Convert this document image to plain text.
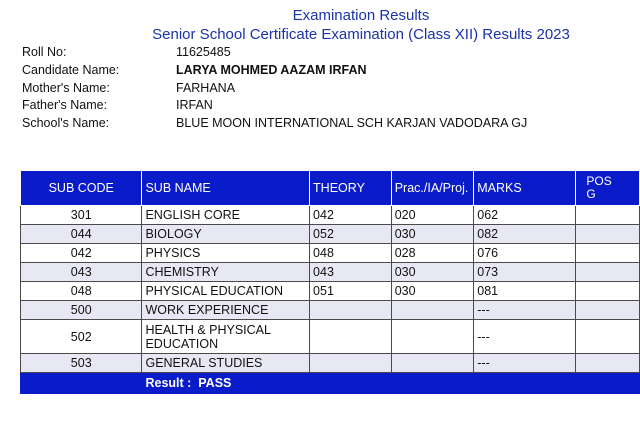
Examination Results
Senior School Certificate Examination (Class XII) Results 2023
Roll No:	11625485
Candidate Name:	LARYA MOHMED AAZAM IRFAN
Mother's Name:	FARHANA
Father's Name:	IRFAN
School's Name:	BLUE MOON INTERNATIONAL SCH KARJAN VADODARA GJ
SUB CODE	SUB NAME	THEORY	Prac./IA/Proj.	MARKS	POS
G
301	ENGLISH CORE	042	020	062	
044	BIOLOGY	052	030	082	
042	PHYSICS	048	028	076	
043	CHEMISTRY	043	030	073	
048	PHYSICAL EDUCATION	051	030	081	
500	WORK EXPERIENCE			---	
502	HEALTH & PHYSICAL EDUCATION			---	
503	GENERAL STUDIES			---	
	Result : PASS				
